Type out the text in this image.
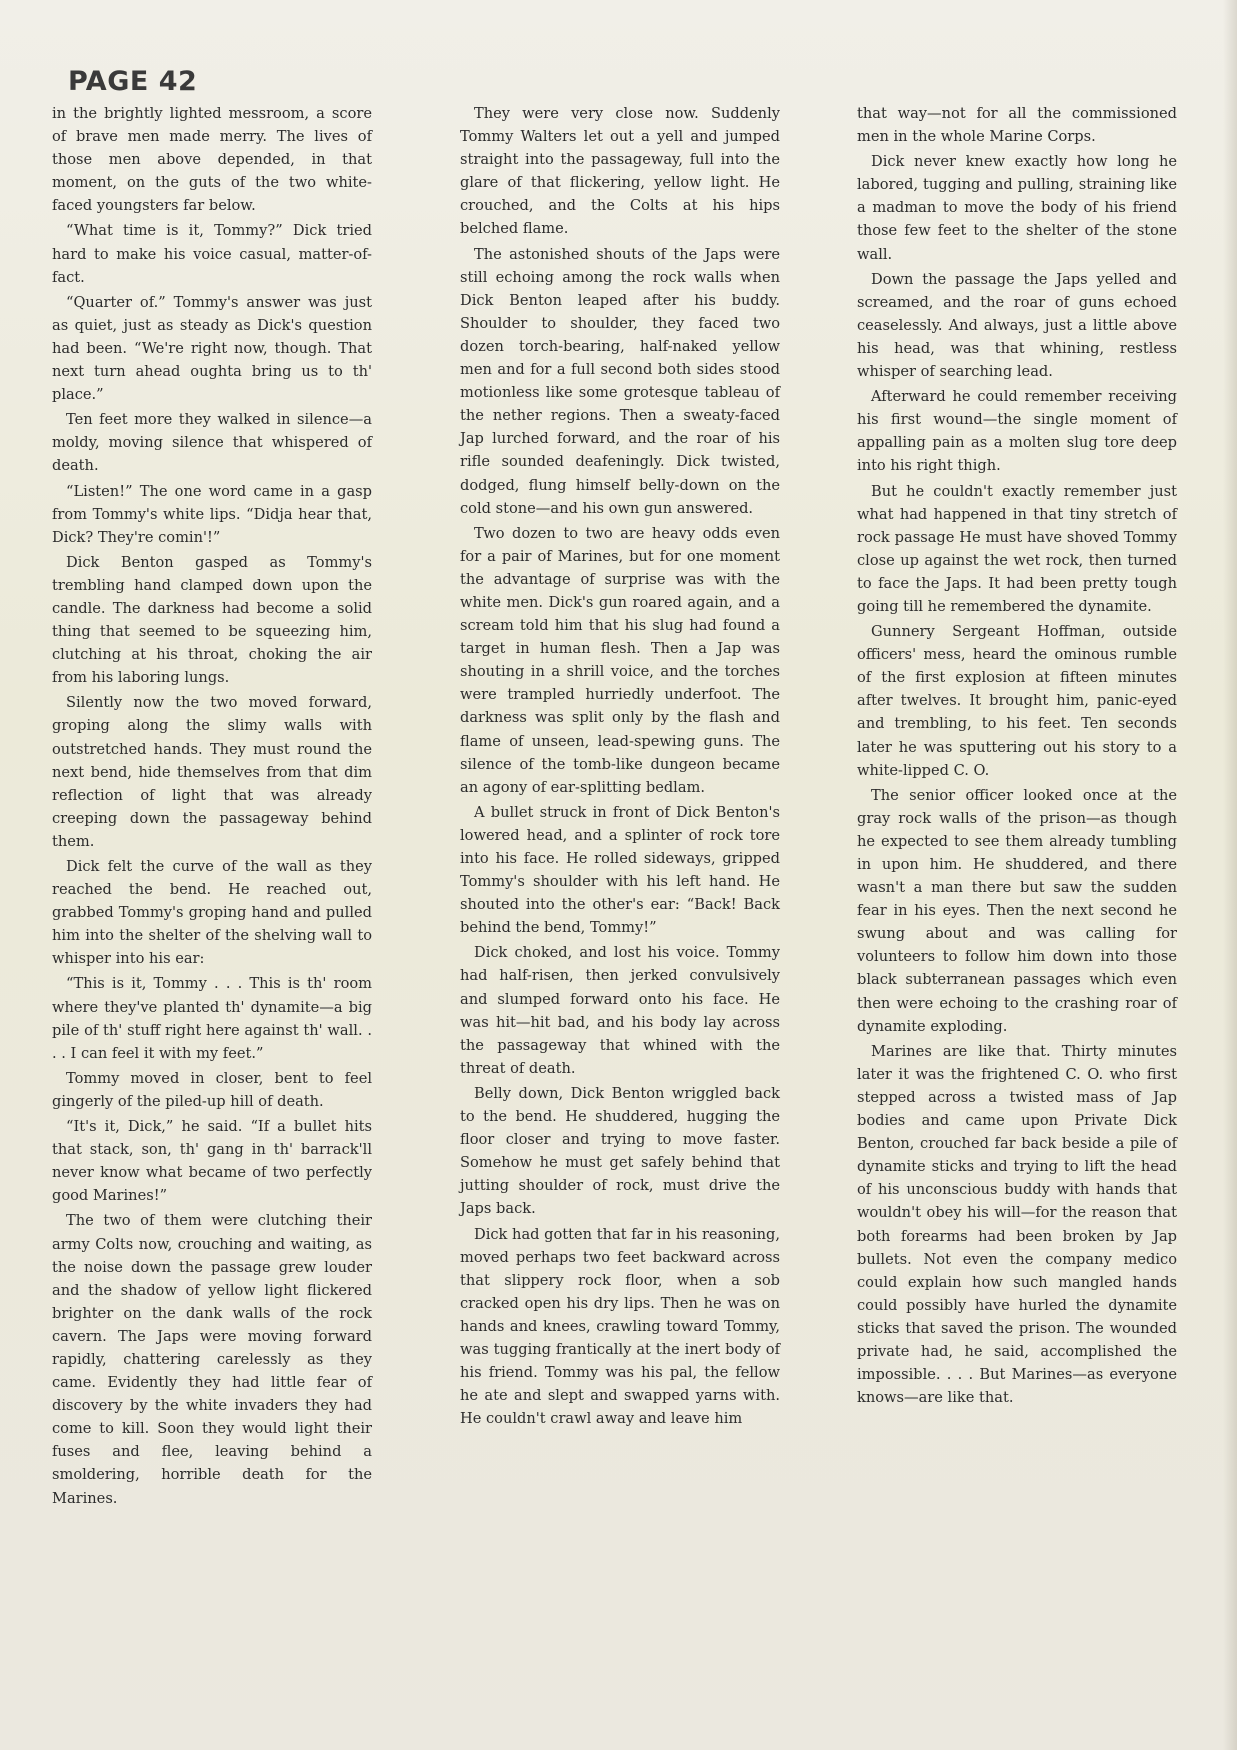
PAGE 42

in the brightly lighted messroom, a score of brave men made merry. The lives of those men above depended, in that moment, on the guts of the two white-faced youngsters far below.

“What time is it, Tommy?” Dick tried hard to make his voice casual, matter-of-fact.

“Quarter of.” Tommy's answer was just as quiet, just as steady as Dick's question had been. “We're right now, though. That next turn ahead oughta bring us to th' place.”

Ten feet more they walked in silence—a moldy, moving silence that whispered of death.

“Listen!” The one word came in a gasp from Tommy's white lips. “Didja hear that, Dick? They're comin'!”

Dick Benton gasped as Tommy's trembling hand clamped down upon the candle. The darkness had become a solid thing that seemed to be squeezing him, clutching at his throat, choking the air from his laboring lungs.

Silently now the two moved forward, groping along the slimy walls with outstretched hands. They must round the next bend, hide themselves from that dim reflection of light that was already creeping down the passageway behind them.

Dick felt the curve of the wall as they reached the bend. He reached out, grabbed Tommy's groping hand and pulled him into the shelter of the shelving wall to whisper into his ear:

“This is it, Tommy . . . This is th' room where they've planted th' dynamite—a big pile of th' stuff right here against th' wall. . . . I can feel it with my feet.”

Tommy moved in closer, bent to feel gingerly of the piled-up hill of death.

“It's it, Dick,” he said. “If a bullet hits that stack, son, th' gang in th' barrack'll never know what became of two perfectly good Marines!”

The two of them were clutching their army Colts now, crouching and waiting, as the noise down the passage grew louder and the shadow of yellow light flickered brighter on the dank walls of the rock cavern. The Japs were moving forward rapidly, chattering carelessly as they came. Evidently they had little fear of discovery by the white invaders they had come to kill. Soon they would light their fuses and flee, leaving behind a smoldering, horrible death for the Marines.

They were very close now. Suddenly Tommy Walters let out a yell and jumped straight into the passageway, full into the glare of that flickering, yellow light. He crouched, and the Colts at his hips belched flame.

The astonished shouts of the Japs were still echoing among the rock walls when Dick Benton leaped after his buddy. Shoulder to shoulder, they faced two dozen torch-bearing, half-naked yellow men and for a full second both sides stood motionless like some grotesque tableau of the nether regions. Then a sweaty-faced Jap lurched forward, and the roar of his rifle sounded deafeningly. Dick twisted, dodged, flung himself belly-down on the cold stone—and his own gun answered.

Two dozen to two are heavy odds even for a pair of Marines, but for one moment the advantage of surprise was with the white men. Dick's gun roared again, and a scream told him that his slug had found a target in human flesh. Then a Jap was shouting in a shrill voice, and the torches were trampled hurriedly underfoot. The darkness was split only by the flash and flame of unseen, lead-spewing guns. The silence of the tomb-like dungeon became an agony of ear-splitting bedlam.

A bullet struck in front of Dick Benton's lowered head, and a splinter of rock tore into his face. He rolled sideways, gripped Tommy's shoulder with his left hand. He shouted into the other's ear: “Back! Back behind the bend, Tommy!”

Dick choked, and lost his voice. Tommy had half-risen, then jerked convulsively and slumped forward onto his face. He was hit—hit bad, and his body lay across the passageway that whined with the threat of death.

Belly down, Dick Benton wriggled back to the bend. He shuddered, hugging the floor closer and trying to move faster. Somehow he must get safely behind that jutting shoulder of rock, must drive the Japs back.

Dick had gotten that far in his reasoning, moved perhaps two feet backward across that slippery rock floor, when a sob cracked open his dry lips. Then he was on hands and knees, crawling toward Tommy, was tugging frantically at the inert body of his friend. Tommy was his pal, the fellow he ate and slept and swapped yarns with. He couldn't crawl away and leave him

that way—not for all the commissioned men in the whole Marine Corps.

Dick never knew exactly how long he labored, tugging and pulling, straining like a madman to move the body of his friend those few feet to the shelter of the stone wall.

Down the passage the Japs yelled and screamed, and the roar of guns echoed ceaselessly. And always, just a little above his head, was that whining, restless whisper of searching lead.

Afterward he could remember receiving his first wound—the single moment of appalling pain as a molten slug tore deep into his right thigh.

But he couldn't exactly remember just what had happened in that tiny stretch of rock passage He must have shoved Tommy close up against the wet rock, then turned to face the Japs. It had been pretty tough going till he remembered the dynamite.

Gunnery Sergeant Hoffman, outside officers' mess, heard the ominous rumble of the first explosion at fifteen minutes after twelves. It brought him, panic-eyed and trembling, to his feet. Ten seconds later he was sputtering out his story to a white-lipped C. O.

The senior officer looked once at the gray rock walls of the prison—as though he expected to see them already tumbling in upon him. He shuddered, and there wasn't a man there but saw the sudden fear in his eyes. Then the next second he swung about and was calling for volunteers to follow him down into those black subterranean passages which even then were echoing to the crashing roar of dynamite exploding.

Marines are like that. Thirty minutes later it was the frightened C. O. who first stepped across a twisted mass of Jap bodies and came upon Private Dick Benton, crouched far back beside a pile of dynamite sticks and trying to lift the head of his unconscious buddy with hands that wouldn't obey his will—for the reason that both forearms had been broken by Jap bullets. Not even the company medico could explain how such mangled hands could possibly have hurled the dynamite sticks that saved the prison. The wounded private had, he said, accomplished the impossible. . . . But Marines—as everyone knows—are like that.
